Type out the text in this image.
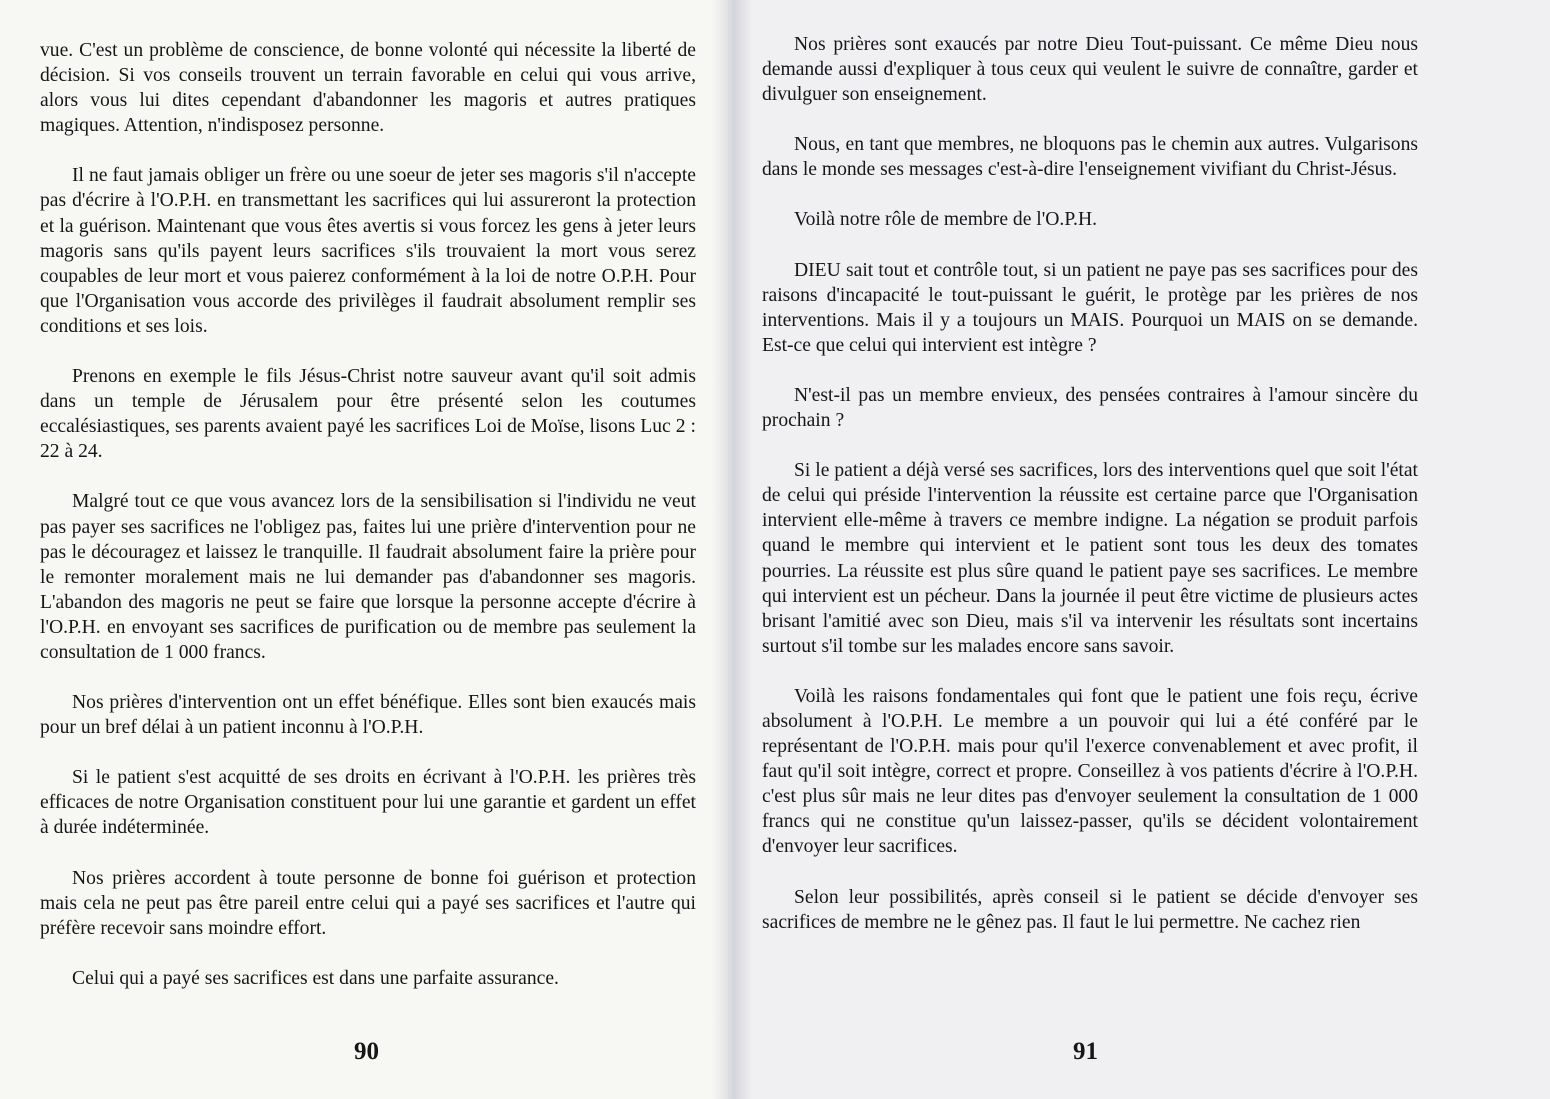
vue. C'est un problème de conscience, de bonne volonté qui nécessite la liberté de décision. Si vos conseils trouvent un terrain favorable en celui qui vous arrive, alors vous lui dites cependant d'abandonner les magoris et autres pratiques magiques. Attention, n'indisposez personne.

Il ne faut jamais obliger un frère ou une soeur de jeter ses magoris s'il n'accepte pas d'écrire à l'O.P.H. en transmettant les sacrifices qui lui assureront la protection et la guérison. Maintenant que vous êtes avertis si vous forcez les gens à jeter leurs magoris sans qu'ils payent leurs sacrifices s'ils trouvaient la mort vous serez coupables de leur mort et vous paierez conformément à la loi de notre O.P.H. Pour que l'Organisation vous accorde des privilèges il faudrait absolument remplir ses conditions et ses lois.

Prenons en exemple le fils Jésus-Christ notre sauveur avant qu'il soit admis dans un temple de Jérusalem pour être présenté selon les coutumes eccalésiastiques, ses parents avaient payé les sacrifices Loi de Moïse, lisons Luc 2 : 22 à 24.

Malgré tout ce que vous avancez lors de la sensibilisation si l'individu ne veut pas payer ses sacrifices ne l'obligez pas, faites lui une prière d'intervention pour ne pas le découragez et laissez le tranquille. Il faudrait absolument faire la prière pour le remonter moralement mais ne lui demander pas d'abandonner ses magoris. L'abandon des magoris ne peut se faire que lorsque la personne accepte d'écrire à l'O.P.H. en envoyant ses sacrifices de purification ou de membre pas seulement la consultation de 1 000 francs.

Nos prières d'intervention ont un effet bénéfique. Elles sont bien exaucés mais pour un bref délai à un patient inconnu à l'O.P.H.

Si le patient s'est acquitté de ses droits en écrivant à l'O.P.H. les prières très efficaces de notre Organisation constituent pour lui une garantie et gardent un effet à durée indéterminée.

Nos prières accordent à toute personne de bonne foi guérison et protection mais cela ne peut pas être pareil entre celui qui a payé ses sacrifices et l'autre qui préfère recevoir sans moindre effort.

Celui qui a payé ses sacrifices est dans une parfaite assurance.

90

Nos prières sont exaucés par notre Dieu Tout-puissant. Ce même Dieu nous demande aussi d'expliquer à tous ceux qui veulent le suivre de connaître, garder et divulguer son enseignement.

Nous, en tant que membres, ne bloquons pas le chemin aux autres. Vulgarisons dans le monde ses messages c'est-à-dire l'enseignement vivifiant du Christ-Jésus.

Voilà notre rôle de membre de l'O.P.H.

DIEU sait tout et contrôle tout, si un patient ne paye pas ses sacrifices pour des raisons d'incapacité le tout-puissant le guérit, le protège par les prières de nos interventions. Mais il y a toujours un MAIS. Pourquoi un MAIS on se demande. Est-ce que celui qui intervient est intègre ?

N'est-il pas un membre envieux, des pensées contraires à l'amour sincère du prochain ?

Si le patient a déjà versé ses sacrifices, lors des interventions quel que soit l'état de celui qui préside l'intervention la réussite est certaine parce que l'Organisation intervient elle-même à travers ce membre indigne. La négation se produit parfois quand le membre qui intervient et le patient sont tous les deux des tomates pourries. La réussite est plus sûre quand le patient paye ses sacrifices. Le membre qui intervient est un pécheur. Dans la journée il peut être victime de plusieurs actes brisant l'amitié avec son Dieu, mais s'il va intervenir les résultats sont incertains surtout s'il tombe sur les malades encore sans savoir.

Voilà les raisons fondamentales qui font que le patient une fois reçu, écrive absolument à l'O.P.H. Le membre a un pouvoir qui lui a été conféré par le représentant de l'O.P.H. mais pour qu'il l'exerce convenablement et avec profit, il faut qu'il soit intègre, correct et propre. Conseillez à vos patients d'écrire à l'O.P.H. c'est plus sûr mais ne leur dites pas d'envoyer seulement la consultation de 1 000 francs qui ne constitue qu'un laissez-passer, qu'ils se décident volontairement d'envoyer leur sacrifices.

Selon leur possibilités, après conseil si le patient se décide d'envoyer ses sacrifices de membre ne le gênez pas. Il faut le lui permettre. Ne cachez rien

91
